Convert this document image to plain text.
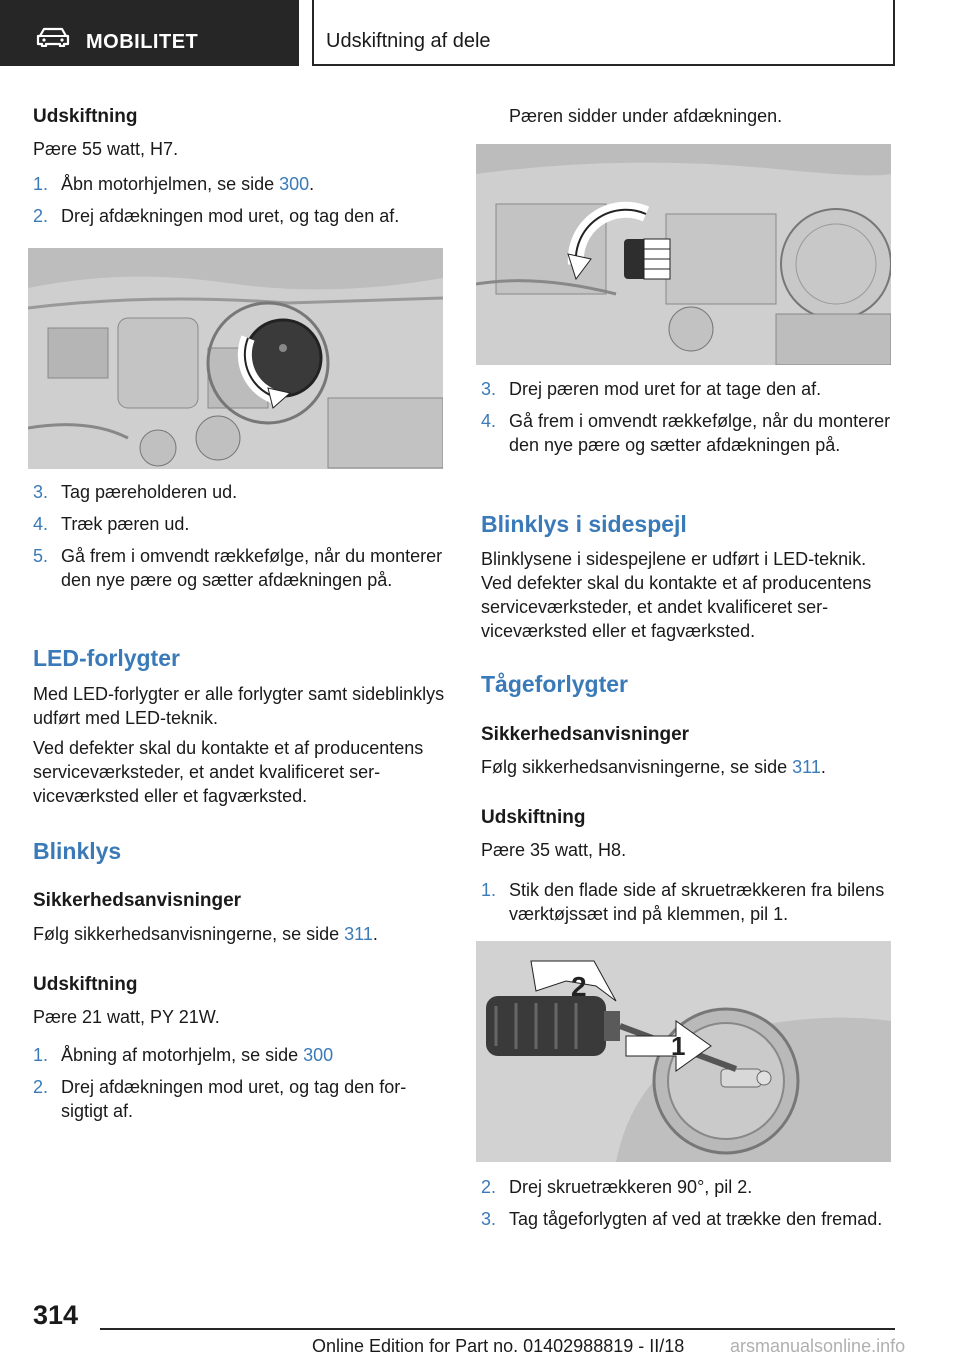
MOBILITET	Udskiftning af dele
Udskiftning
Pære 55 watt, H7.
1. Åbn motorhjelmen, se side 300.
2. Drej afdækningen mod uret, og tag den af.
3. Tag pæreholderen ud.
4. Træk pæren ud.
5. Gå frem i omvendt rækkefølge, når du monterer den nye pære og sætter afdækningen på.
LED-forlygter
Med LED-forlygter er alle forlygter samt sideblinklys udført med LED-teknik.
Ved defekter skal du kontakte et af producentens serviceværksteder, et andet kvalificeret serviceværksted eller et fagværksted.
Blinklys
Sikkerhedsanvisninger
Følg sikkerhedsanvisningerne, se side 311.
Udskiftning
Pære 21 watt, PY 21W.
1. Åbning af motorhjelm, se side 300
2. Drej afdækningen mod uret, og tag den forsigtigt af.
Pæren sidder under afdækningen.
3. Drej pæren mod uret for at tage den af.
4. Gå frem i omvendt rækkefølge, når du monterer den nye pære og sætter afdækningen på.
Blinklys i sidespejl
Blinklysene i sidespejlene er udført i LED-teknik. Ved defekter skal du kontakte et af producentens serviceværksteder, et andet kvalificeret serviceværksted eller et fagværksted.
Tågeforlygter
Sikkerhedsanvisninger
Følg sikkerhedsanvisningerne, se side 311.
Udskiftning
Pære 35 watt, H8.
1. Stik den flade side af skruetrækkeren fra bilens værktøjssæt ind på klemmen, pil 1.
2
1
2. Drej skruetrækkeren 90°, pil 2.
3. Tag tågeforlygten af ved at trække den fremad.
314
Online Edition for Part no. 01402988819 - II/18	arsmanualsonline.info
